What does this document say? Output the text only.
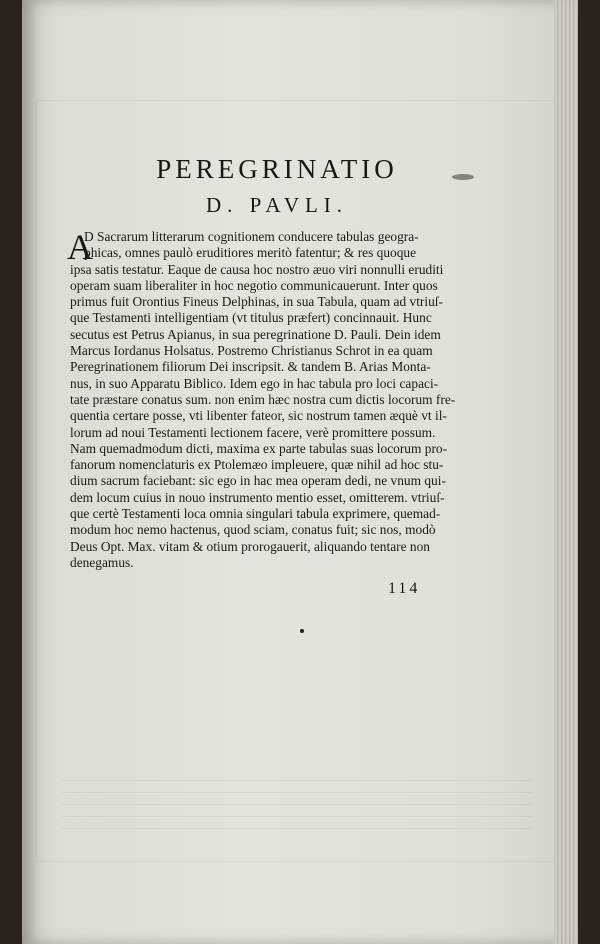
PEREGRINATIO
D. PAVLI.
A
D Sacrarum litterarum cognitionem conducere tabulas geogra-
phicas, omnes paulò eruditiores meritò fatentur; & res quoque
ipsa satis testatur. Eaque de causa hoc nostro æuo viri nonnulli eruditi
operam suam liberaliter in hoc negotio communicauerunt. Inter quos
primus fuit Orontius Fineus Delphinas, in sua Tabula, quam ad vtriuſ-
que Testamenti intelligentiam (vt titulus præfert) concinnauit. Hunc
secutus est Petrus Apianus, in sua peregrinatione D. Pauli. Dein idem
Marcus Iordanus Holsatus. Postremo Christianus Schrot in ea quam
Peregrinationem filiorum Dei inscripsit. & tandem B. Arias Monta-
nus, in suo Apparatu Biblico. Idem ego in hac tabula pro loci capaci-
tate præstare conatus sum. non enim hæc nostra cum dictis locorum fre-
quentia certare posse, vti libenter fateor, sic nostrum tamen æquè vt il-
lorum ad noui Testamenti lectionem facere, verè promittere possum.
Nam quemadmodum dicti, maxima ex parte tabulas suas locorum pro-
fanorum nomenclaturis ex Ptolemæo impleuere, quæ nihil ad hoc stu-
dium sacrum faciebant: sic ego in hac mea operam dedi, ne vnum qui-
dem locum cuius in nouo instrumento mentio esset, omitterem. vtriuſ-
que certè Testamenti loca omnia singulari tabula exprimere, quemad-
modum hoc nemo hactenus, quod sciam, conatus fuit; sic nos, modò
Deus Opt. Max. vitam & otium prorogauerit, aliquando tentare non
denegamus.
114
